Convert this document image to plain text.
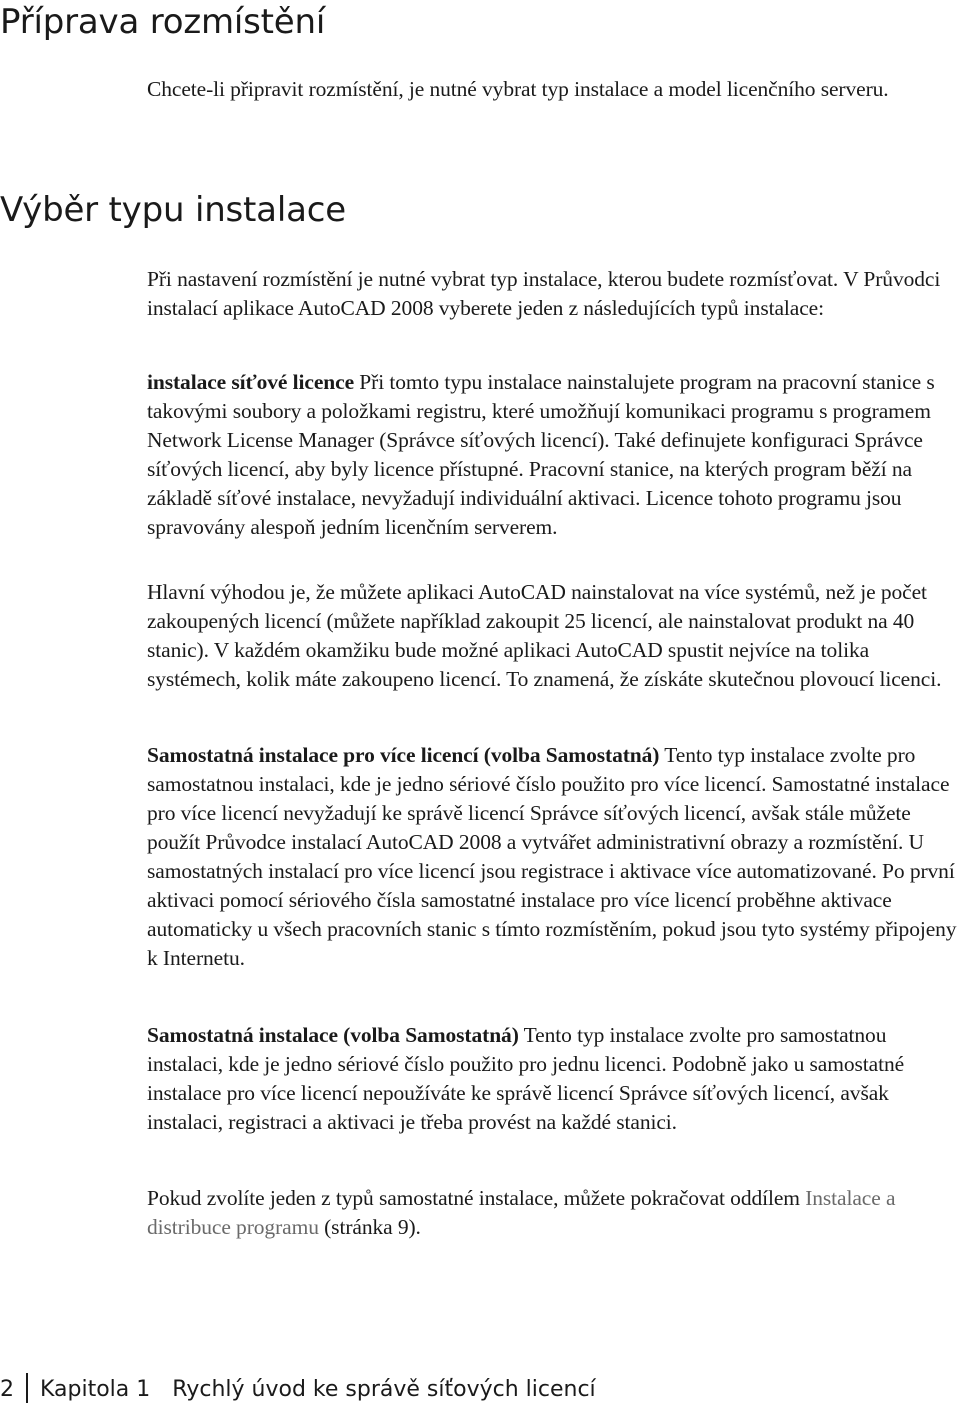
Příprava rozmístění

Chcete-li připravit rozmístění, je nutné vybrat typ instalace a model licenčního serveru.

Výběr typu instalace

Při nastavení rozmístění je nutné vybrat typ instalace, kterou budete rozmísťovat. V Průvodci instalací aplikace AutoCAD 2008 vyberete jeden z následujících typů instalace:

instalace síťové licence Při tomto typu instalace nainstalujete program na pracovní stanice s takovými soubory a položkami registru, které umožňují komunikaci programu s programem Network License Manager (Správce síťových licencí). Také definujete konfiguraci Správce síťových licencí, aby byly licence přístupné. Pracovní stanice, na kterých program běží na základě síťové instalace, nevyžadují individuální aktivaci. Licence tohoto programu jsou spravovány alespoň jedním licenčním serverem.

Hlavní výhodou je, že můžete aplikaci AutoCAD nainstalovat na více systémů, než je počet zakoupených licencí (můžete například zakoupit 25 licencí, ale nainstalovat produkt na 40 stanic). V každém okamžiku bude možné aplikaci AutoCAD spustit nejvíce na tolika systémech, kolik máte zakoupeno licencí. To znamená, že získáte skutečnou plovoucí licenci.

Samostatná instalace pro více licencí (volba Samostatná) Tento typ instalace zvolte pro samostatnou instalaci, kde je jedno sériové číslo použito pro více licencí. Samostatné instalace pro více licencí nevyžadují ke správě licencí Správce síťových licencí, avšak stále můžete použít Průvodce instalací AutoCAD 2008 a vytvářet administrativní obrazy a rozmístění. U samostatných instalací pro více licencí jsou registrace i aktivace více automatizované. Po první aktivaci pomocí sériového čísla samostatné instalace pro více licencí proběhne aktivace automaticky u všech pracovních stanic s tímto rozmístěním, pokud jsou tyto systémy připojeny k Internetu.

Samostatná instalace (volba Samostatná) Tento typ instalace zvolte pro samostatnou instalaci, kde je jedno sériové číslo použito pro jednu licenci. Podobně jako u samostatné instalace pro více licencí nepoužíváte ke správě licencí Správce síťových licencí, avšak instalaci, registraci a aktivaci je třeba provést na každé stanici.

Pokud zvolíte jeden z typů samostatné instalace, můžete pokračovat oddílem Instalace a distribuce programu (stránka 9).

2 Kapitola 1 Rychlý úvod ke správě síťových licencí
